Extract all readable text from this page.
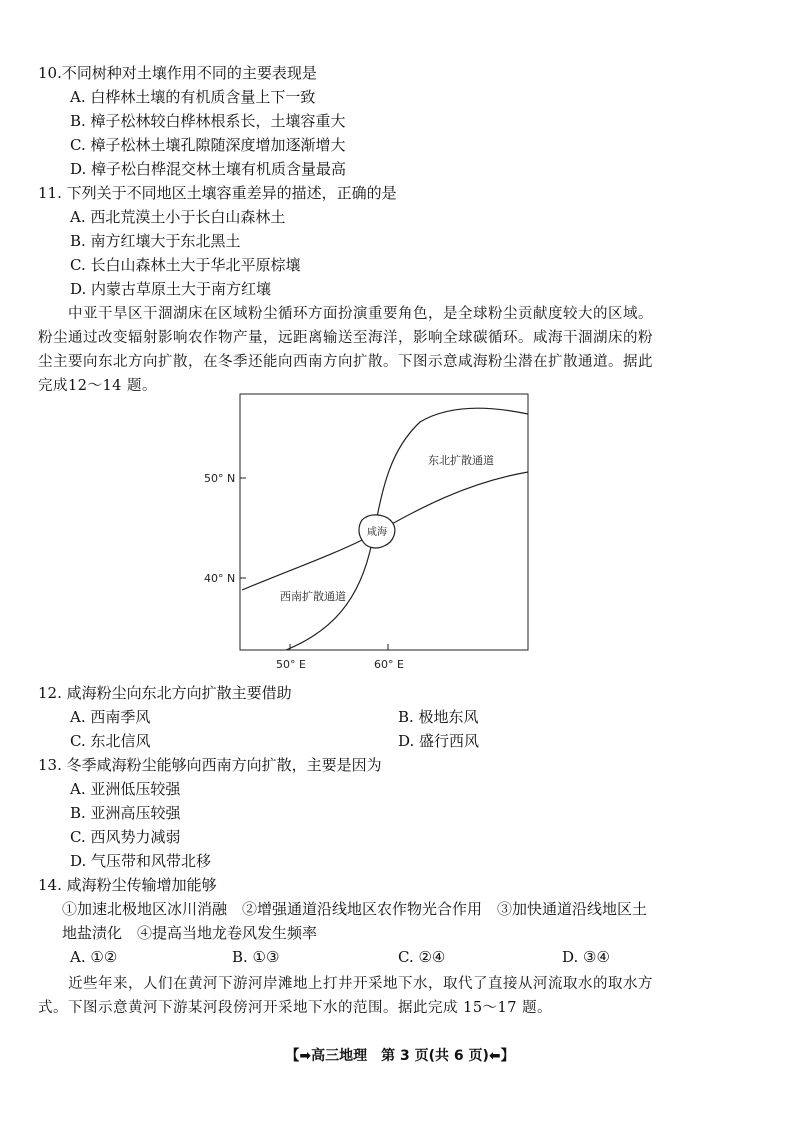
10.不同树种对土壤作用不同的主要表现是
A. 白桦林土壤的有机质含量上下一致
B. 樟子松林较白桦林根系长，土壤容重大
C. 樟子松林土壤孔隙随深度增加逐渐增大
D. 樟子松白桦混交林土壤有机质含量最高
11. 下列关于不同地区土壤容重差异的描述，正确的是
A. 西北荒漠土小于长白山森林土
B. 南方红壤大于东北黑土
C. 长白山森林土大于华北平原棕壤
D. 内蒙古草原土大于南方红壤
中亚干旱区干涸湖床在区域粉尘循环方面扮演重要角色，是全球粉尘贡献度较大的区域。
粉尘通过改变辐射影响农作物产量，远距离输送至海洋，影响全球碳循环。咸海干涸湖床的粉
尘主要向东北方向扩散，在冬季还能向西南方向扩散。下图示意咸海粉尘潜在扩散通道。据此
完成12～14 题。
50° N
40° N
50° E	60° E
咸海
东北扩散通道
西南扩散通道
12. 咸海粉尘向东北方向扩散主要借助
A. 西南季风	B. 极地东风
C. 东北信风	D. 盛行西风
13. 冬季咸海粉尘能够向西南方向扩散，主要是因为
A. 亚洲低压较强
B. 亚洲高压较强
C. 西风势力减弱
D. 气压带和风带北移
14. 咸海粉尘传输增加能够
①加速北极地区冰川消融　②增强通道沿线地区农作物光合作用　③加快通道沿线地区土
地盐渍化　④提高当地龙卷风发生频率
A. ①②	B. ①③	C. ②④	D. ③④
近些年来，人们在黄河下游河岸滩地上打井开采地下水，取代了直接从河流取水的取水方
式。下图示意黄河下游某河段傍河开采地下水的范围。据此完成 15～17 题。
【➡高三地理　第 3 页(共 6 页)⬅】
